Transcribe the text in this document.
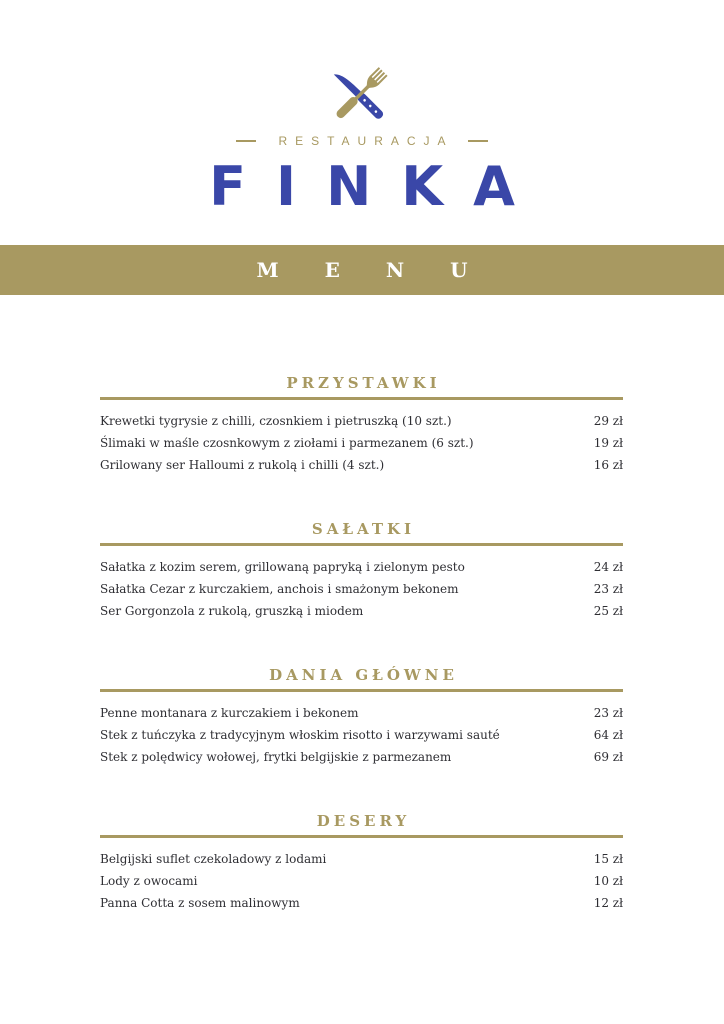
RESTAURACJA
FINKA
MENU
PRZYSTAWKI
Krewetki tygrysie z chilli, czosnkiem i pietruszką (10 szt.)	29 zł
Ślimaki w maśle czosnkowym z ziołami i parmezanem (6 szt.)	19 zł
Grilowany ser Halloumi z rukolą i chilli (4 szt.)	16 zł
SAŁATKI
Sałatka z kozim serem, grillowaną papryką i zielonym pesto	24 zł
Sałatka Cezar z kurczakiem, anchois i smażonym bekonem	23 zł
Ser Gorgonzola z rukolą, gruszką i miodem	25 zł
DANIA GŁÓWNE
Penne montanara z kurczakiem i bekonem	23 zł
Stek z tuńczyka z tradycyjnym włoskim risotto i warzywami sauté	64 zł
Stek z polędwicy wołowej, frytki belgijskie z parmezanem	69 zł
DESERY
Belgijski suflet czekoladowy z lodami	15 zł
Lody z owocami	10 zł
Panna Cotta z sosem malinowym	12 zł
